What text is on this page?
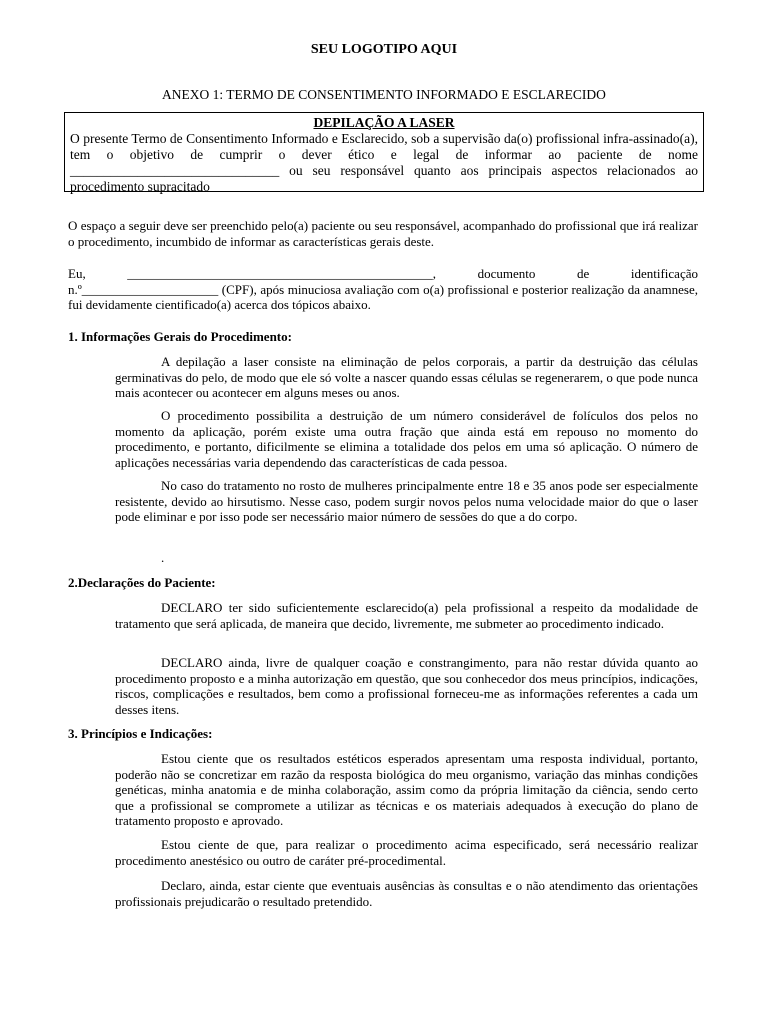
SEU LOGOTIPO AQUI
ANEXO 1: TERMO DE CONSENTIMENTO INFORMADO E ESCLARECIDO
DEPILAÇÃO A LASER
O presente Termo de Consentimento Informado e Esclarecido, sob a supervisão da(o) profissional infra-assinado(a), tem o objetivo de cumprir o dever ético e legal de informar ao paciente de nome _______________________________ ou seu responsável quanto aos principais aspectos relacionados ao procedimento supracitado
O espaço a seguir deve ser preenchido pelo(a) paciente ou seu responsável, acompanhado do profissional que irá realizar o procedimento, incumbido de informar as características gerais deste.
Eu, _______________________________________________, documento de identificação
n.º_____________________ (CPF), após minuciosa avaliação com o(a) profissional e posterior realização da anamnese, fui devidamente cientificado(a) acerca dos tópicos abaixo.
1. Informações Gerais do Procedimento:
A depilação a laser consiste na eliminação de pelos corporais, a partir da destruição das células germinativas do pelo, de modo que ele só volte a nascer quando essas células se regenerarem, o que pode nunca mais acontecer ou acontecer em alguns meses ou anos.
O procedimento possibilita a destruição de um número considerável de folículos dos pelos no momento da aplicação, porém existe uma outra fração que ainda está em repouso no momento do procedimento, e portanto, dificilmente se elimina a totalidade dos pelos em uma só aplicação. O número de aplicações necessárias varia dependendo das características de cada pessoa.
No caso do tratamento no rosto de mulheres principalmente entre 18 e 35 anos pode ser especialmente resistente, devido ao hirsutismo. Nesse caso, podem surgir novos pelos numa velocidade maior do que o laser pode eliminar e por isso pode ser necessário maior número de sessões do que a do corpo.
.
2.Declarações do Paciente:
DECLARO ter sido suficientemente esclarecido(a) pela profissional a respeito da modalidade de tratamento que será aplicada, de maneira que decido, livremente, me submeter ao procedimento indicado.
DECLARO ainda, livre de qualquer coação e constrangimento, para não restar dúvida quanto ao procedimento proposto e a minha autorização em questão, que sou conhecedor dos meus princípios, indicações, riscos, complicações e resultados, bem como a profissional forneceu-me as informações referentes a cada um desses itens.
3. Princípios e Indicações:
Estou ciente que os resultados estéticos esperados apresentam uma resposta individual, portanto, poderão não se concretizar em razão da resposta biológica do meu organismo, variação das minhas condições genéticas, minha anatomia e de minha colaboração, assim como da própria limitação da ciência, sendo certo que a profissional se compromete a utilizar as técnicas e os materiais adequados à execução do plano de tratamento proposto e aprovado.
Estou ciente de que, para realizar o procedimento acima especificado, será necessário realizar procedimento anestésico ou outro de caráter pré-procedimental.
Declaro, ainda, estar ciente que eventuais ausências às consultas e o não atendimento das orientações profissionais prejudicarão o resultado pretendido.
